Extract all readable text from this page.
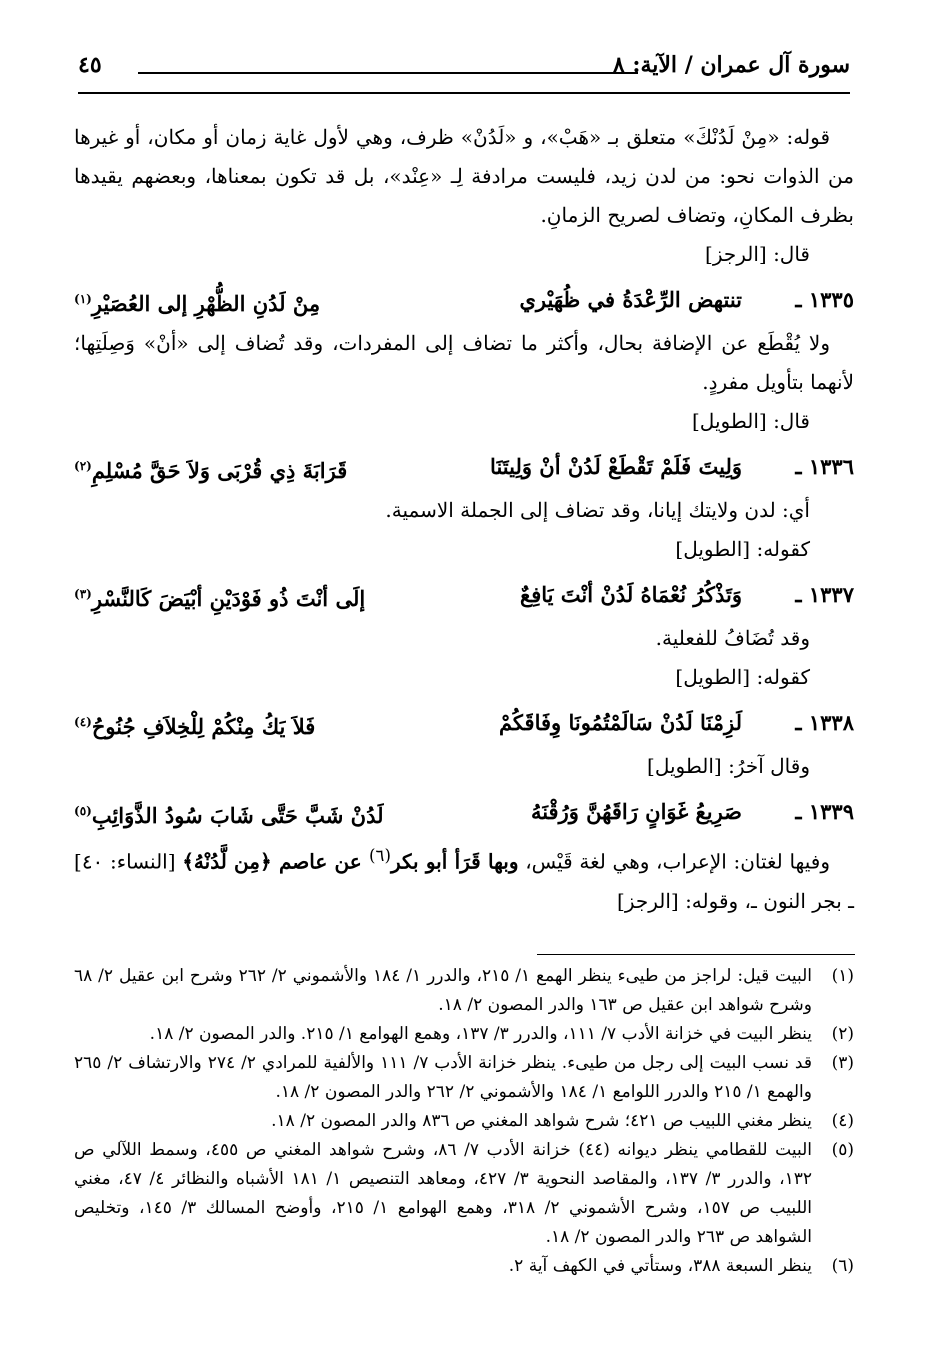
سورة آل عمران / الآية: ٨
٤٥

قوله: «مِنْ لَدُنْكَ» متعلق بـ «هَبْ»، و «لَدُنْ» ظرف، وهي لأول غاية زمان أو مكان، أو غيرها من الذوات نحو: من لدن زيد، فليست مرادفة لِـ «عِنْد»، بل قد تكون بمعناها، وبعضهم يقيدها بظرف المكانِ، وتضاف لصريح الزمانِ.

قال: [الرجز]

١٣٣٥ ـ
تنتهض الرِّعْدَةُ في ظُهَيْري
مِنْ لَدُنِ الظُّهْرِ إلى العُصَيْرِ$^{(١)}$

ولا يُقْطَع عن الإضافة بحال، وأكثر ما تضاف إلى المفردات، وقد تُضاف إلى «أنْ» وَصِلَتِها؛ لأنهما بتأويل مفردٍ.

قال: [الطويل]

١٣٣٦ ـ
وَلِيتَ فَلَمْ تَقْطَعْ لَدُنْ أنْ وَلِيتَنَا
قَرَابَةَ ذِي قُرْبَى وَلاَ حَقَّ مُسْلِمِ$^{(٢)}$

أي: لدن ولايتك إيانا، وقد تضاف إلى الجملة الاسمية.

كقوله: [الطويل]

١٣٣٧ ـ
وَتَذْكُرُ نُعْمَاهُ لَدُنْ أنْتَ يَافِعٌ
إلَى أنْتَ ذُو فَوْدَيْنِ أبْيَضَ كَالنَّسْرِ$^{(٣)}$

وقد تُضَافُ للفعلية.

كقوله: [الطويل]

١٣٣٨ ـ
لَزِمْنَا لَدُنْ سَالَمْتُمُونَا وِفَاقَكُمْ
فَلاَ يَكُ مِنْكُمْ لِلْخِلاَفِ جُنُوحُ$^{(٤)}$

وقال آخرُ: [الطويل]

١٣٣٩ ـ
صَرِيعُ غَوَانٍ رَاقَهُنَّ وَرُقْنَهُ
لَدُنْ شَبَّ حَتَّى شَابَ سُودُ الذَّوَائِبِ$^{(٥)}$

وفيها لغتان: الإعراب، وهي لغة قَيْس، وبها قَرَأ أبو بكر$^{(٦)}$ عن عاصم ﴿مِن لَّدُنْهُ﴾ [النساء: ٤٠] ـ بجر النون ـ، وقوله: [الرجز]

(١)
البيت قيل: لراجز من طيىء ينظر الهمع ١/ ٢١٥، والدرر ١/ ١٨٤ والأشموني ٢/ ٢٦٢ وشرح ابن عقيل ٢/ ٦٨ وشرح شواهد ابن عقيل ص ١٦٣ والدر المصون ٢/ ١٨.
(٢)
ينظر البيت في خزانة الأدب ٧/ ١١١، والدرر ٣/ ١٣٧، وهمع الهوامع ١/ ٢١٥. والدر المصون ٢/ ١٨.
(٣)
قد نسب البيت إلى رجل من طيىء. ينظر خزانة الأدب ٧/ ١١١ والألفية للمرادي ٢/ ٢٧٤ والارتشاف ٢/ ٢٦٥ والهمع ١/ ٢١٥ والدرر اللوامع ١/ ١٨٤ والأشموني ٢/ ٢٦٢ والدر المصون ٢/ ١٨.
(٤)
ينظر مغني اللبيب ص ٤٢١؛ شرح شواهد المغني ص ٨٣٦ والدر المصون ٢/ ١٨.
(٥)
البيت للقطامي ينظر ديوانه (٤٤) خزانة الأدب ٧/ ٨٦، وشرح شواهد المغني ص ٤٥٥، وسمط اللآلي ص ١٣٢، والدرر ٣/ ١٣٧، والمقاصد النحوية ٣/ ٤٢٧، ومعاهد التنصيص ١/ ١٨١ الأشباه والنظائر ٤/ ٤٧، مغني اللبيب ص ١٥٧، وشرح الأشموني ٢/ ٣١٨، وهمع الهوامع ١/ ٢١٥، وأوضح المسالك ٣/ ١٤٥، وتخليص الشواهد ص ٢٦٣ والدر المصون ٢/ ١٨.
(٦)
ينظر السبعة ٣٨٨، وستأتي في الكهف آية ٢.
